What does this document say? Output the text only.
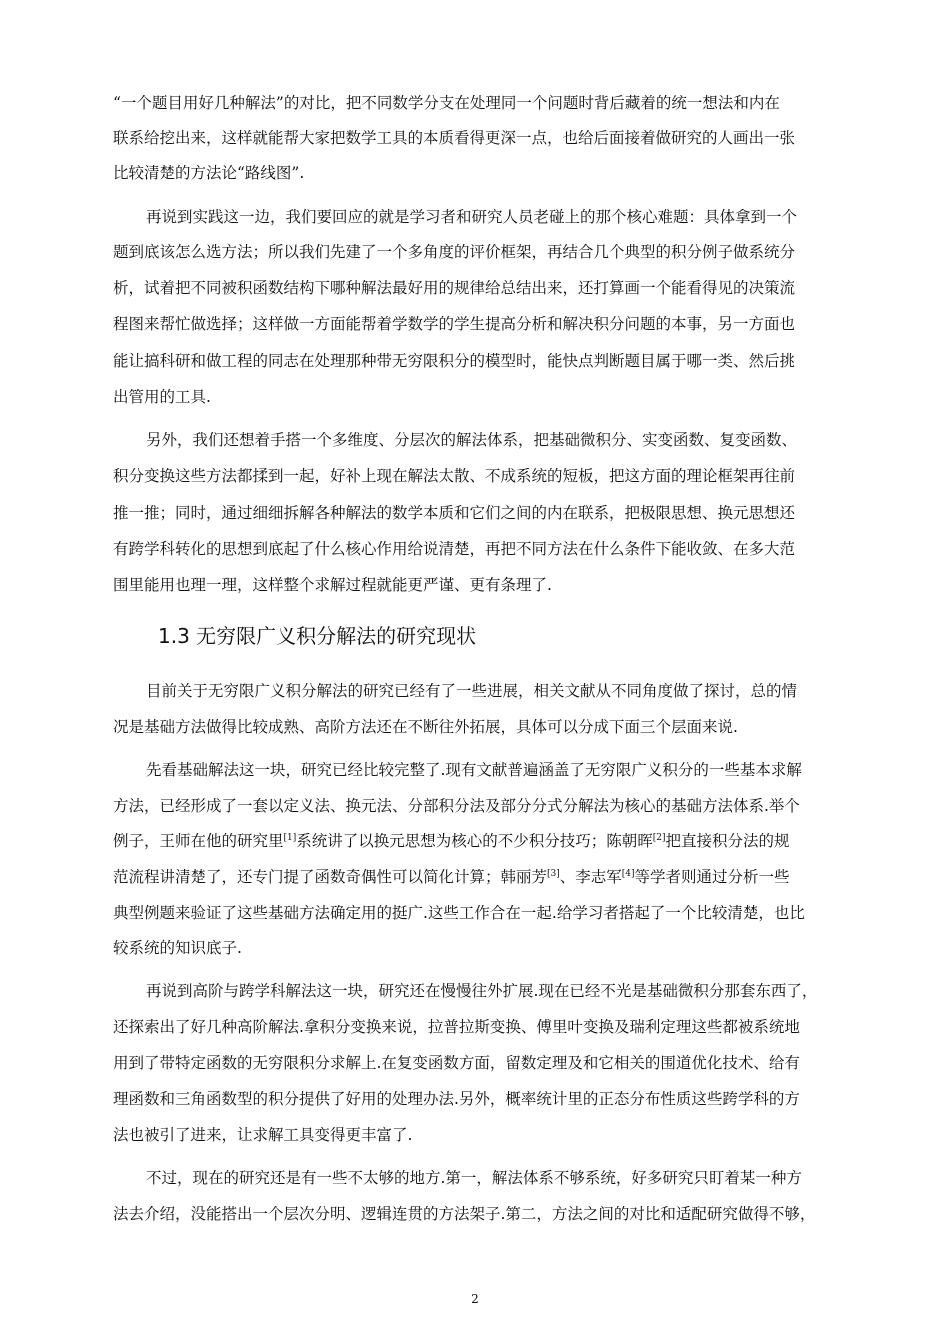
“一个题目用好几种解法”的对比，把不同数学分支在处理同一个问题时背后藏着的统一想法和内在
联系给挖出来，这样就能帮大家把数学工具的本质看得更深一点，也给后面接着做研究的人画出一张
比较清楚的方法论“路线图”.
再说到实践这一边，我们要回应的就是学习者和研究人员老碰上的那个核心难题：具体拿到一个
题到底该怎么选方法；所以我们先建了一个多角度的评价框架，再结合几个典型的积分例子做系统分
析，试着把不同被积函数结构下哪种解法最好用的规律给总结出来，还打算画一个能看得见的决策流
程图来帮忙做选择；这样做一方面能帮着学数学的学生提高分析和解决积分问题的本事，另一方面也
能让搞科研和做工程的同志在处理那种带无穷限积分的模型时，能快点判断题目属于哪一类、然后挑
出管用的工具.
另外，我们还想着手搭一个多维度、分层次的解法体系，把基础微积分、实变函数、复变函数、
积分变换这些方法都揉到一起，好补上现在解法太散、不成系统的短板，把这方面的理论框架再往前
推一推；同时，通过细细拆解各种解法的数学本质和它们之间的内在联系，把极限思想、换元思想还
有跨学科转化的思想到底起了什么核心作用给说清楚，再把不同方法在什么条件下能收敛、在多大范
围里能用也理一理，这样整个求解过程就能更严谨、更有条理了.
1.3 无穷限广义积分解法的研究现状
目前关于无穷限广义积分解法的研究已经有了一些进展，相关文献从不同角度做了探讨，总的情
况是基础方法做得比较成熟、高阶方法还在不断往外拓展，具体可以分成下面三个层面来说.
先看基础解法这一块，研究已经比较完整了.现有文献普遍涵盖了无穷限广义积分的一些基本求解
方法，已经形成了一套以定义法、换元法、分部积分法及部分分式分解法为核心的基础方法体系.举个
例子，王师在他的研究里[1]系统讲了以换元思想为核心的不少积分技巧；陈朝晖[2]把直接积分法的规
范流程讲清楚了，还专门提了函数奇偶性可以简化计算；韩丽芳[3]、李志军[4]等学者则通过分析一些
典型例题来验证了这些基础方法确定用的挺广.这些工作合在一起.给学习者搭起了一个比较清楚，也比
较系统的知识底子.
再说到高阶与跨学科解法这一块，研究还在慢慢往外扩展.现在已经不光是基础微积分那套东西了，
还探索出了好几种高阶解法.拿积分变换来说，拉普拉斯变换、傅里叶变换及瑞利定理这些都被系统地
用到了带特定函数的无穷限积分求解上.在复变函数方面，留数定理及和它相关的围道优化技术、给有
理函数和三角函数型的积分提供了好用的处理办法.另外，概率统计里的正态分布性质这些跨学科的方
法也被引了进来，让求解工具变得更丰富了.
不过，现在的研究还是有一些不太够的地方.第一，解法体系不够系统，好多研究只盯着某一种方
法去介绍，没能搭出一个层次分明、逻辑连贯的方法架子.第二，方法之间的对比和适配研究做得不够，
2
